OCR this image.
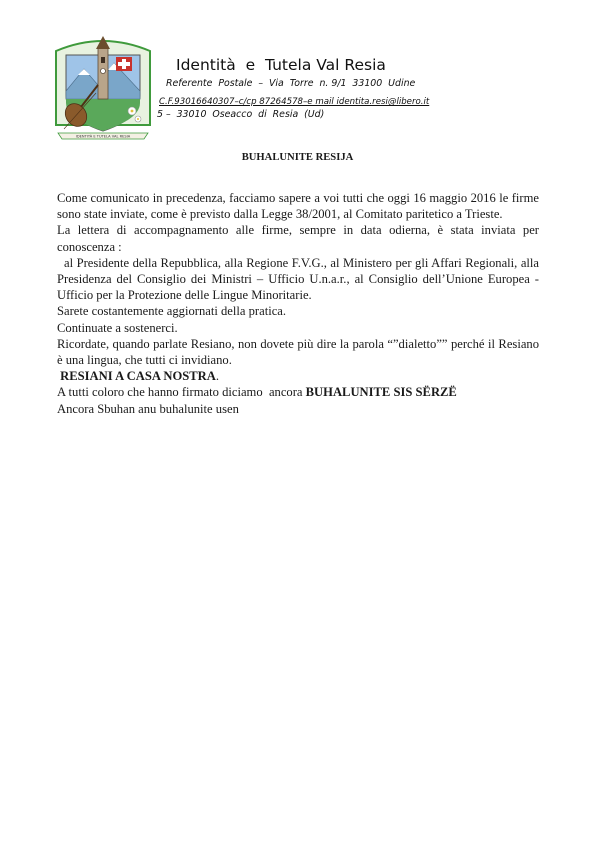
IDENTITÀ E TUTELA VAL RESIA
Identità  e  Tutela Val Resia
Referente  Postale  –  Via  Torre  n. 9/1  33100  Udine
C.F.93016640307–c/cp 87264578–e mail identita.resi@libero.it
5 –  33010  Oseacco  di  Resia  (Ud)
BUHALUNITE RESIJA

Come comunicato in precedenza, facciamo sapere a voi tutti che oggi 16 maggio 2016 le firme sono state inviate, come è previsto dalla Legge 38/2001, al Comitato paritetico a Trieste.

La lettera di accompagnamento alle firme, sempre in data odierna, è stata inviata per conoscenza :

al Presidente della Repubblica, alla Regione F.V.G., al Ministero per gli Affari Regionali, alla Presidenza del Consiglio dei Ministri – Ufficio U.n.a.r., al Consiglio dell’Unione Europea - Ufficio per la Protezione delle Lingue Minoritarie.

Sarete costantemente aggiornati della pratica.

Continuate a sostenerci.

Ricordate, quando parlate Resiano, non dovete più dire la parola “”dialetto”” perché il Resiano è una lingua, che tutti ci invidiano.

RESIANI A CASA NOSTRA.

A tutti coloro che hanno firmato diciamo  ancora BUHALUNITE SIS SËRZË

Ancora Sbuhan anu buhalunite usen
